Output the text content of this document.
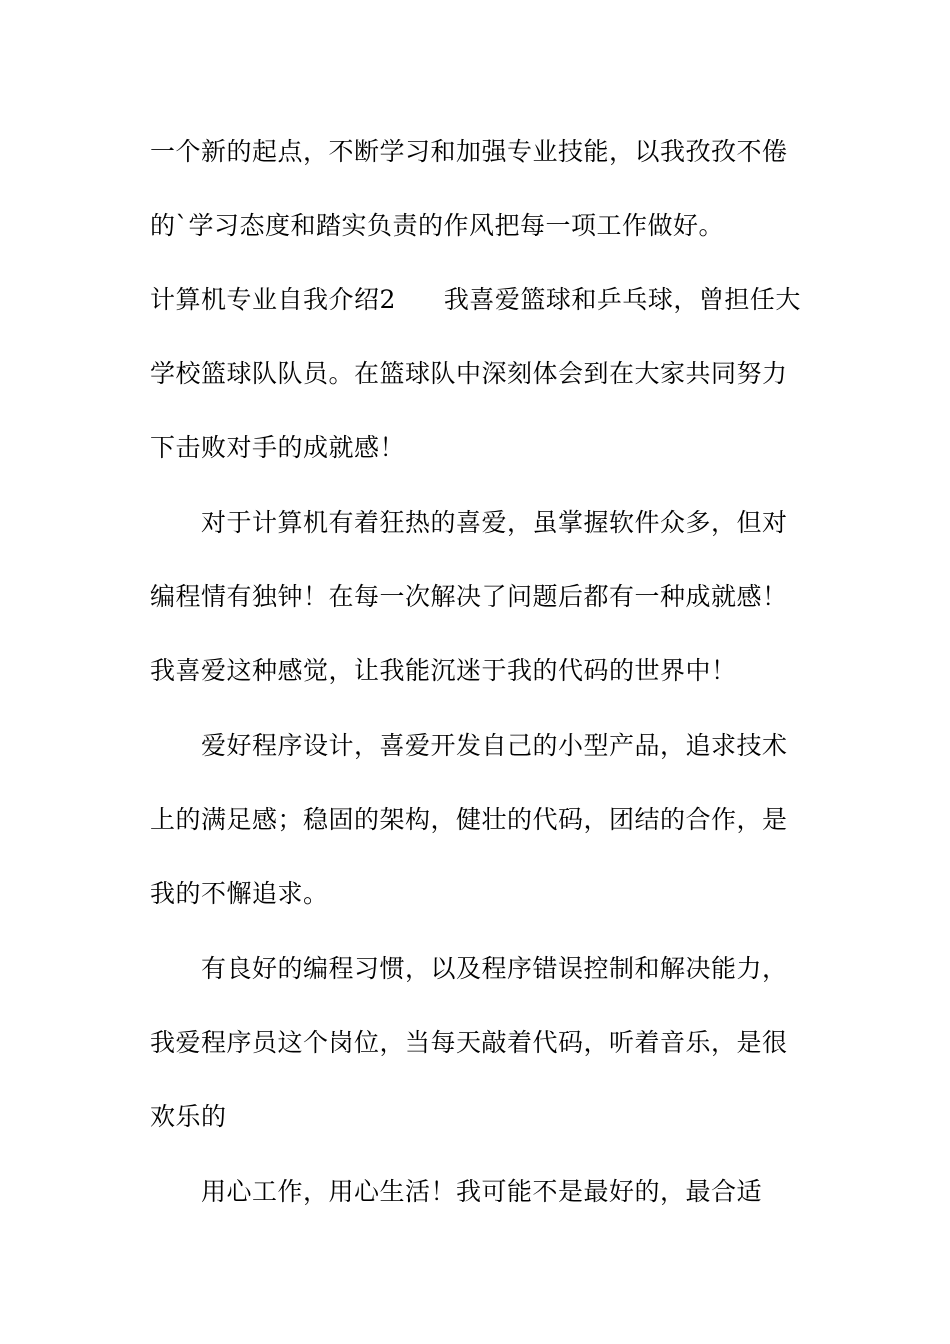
一个新的起点，不断学习和加强专业技能，以我孜孜不倦
的`学习态度和踏实负责的作风把每一项工作做好。
计算机专业自我介绍2 我喜爱篮球和乒乓球，曾担任大
学校篮球队队员。在篮球队中深刻体会到在大家共同努力
下击败对手的成就感！
对于计算机有着狂热的喜爱，虽掌握软件众多，但对
编程情有独钟！在每一次解决了问题后都有一种成就感！
我喜爱这种感觉，让我能沉迷于我的代码的世界中！
爱好程序设计，喜爱开发自己的小型产品，追求技术
上的满足感；稳固的架构，健壮的代码，团结的合作，是
我的不懈追求。
有良好的编程习惯，以及程序错误控制和解决能力，
我爱程序员这个岗位，当每天敲着代码，听着音乐，是很
欢乐的
用心工作，用心生活！我可能不是最好的，最合适
